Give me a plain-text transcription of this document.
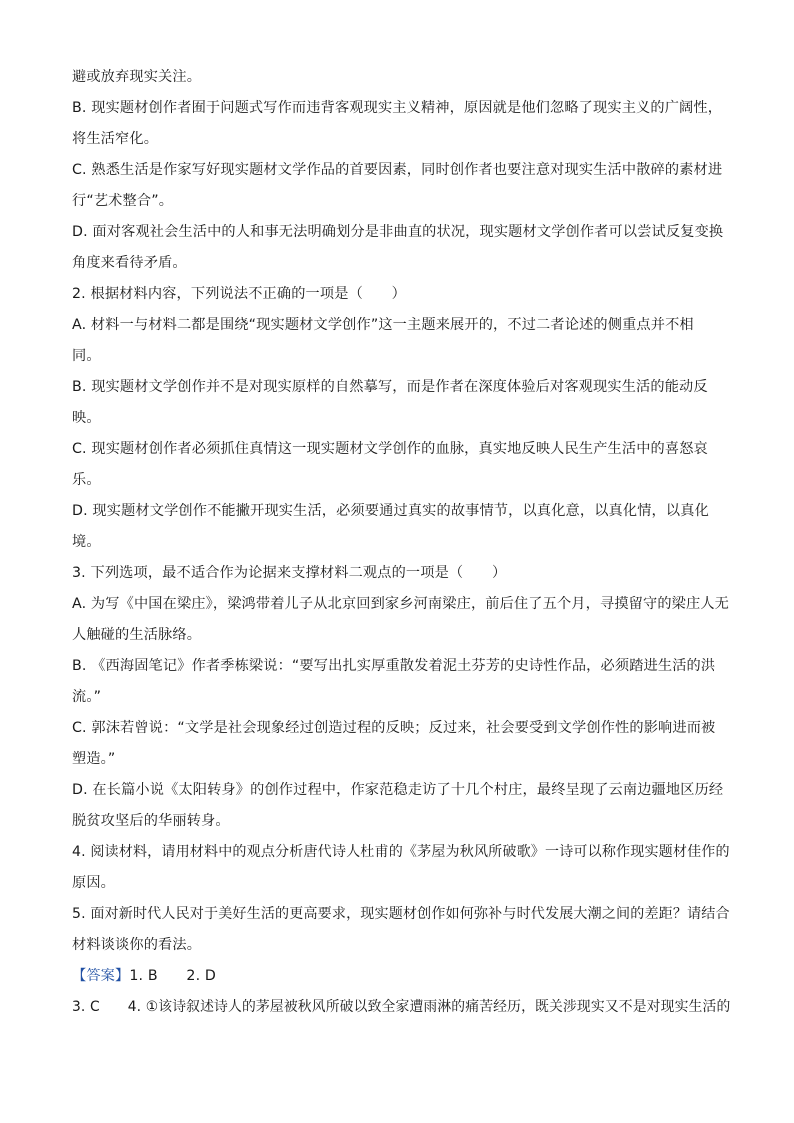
避或放弃现实关注。
B. 现实题材创作者囿于问题式写作而违背客观现实主义精神，原因就是他们忽略了现实主义的广阔性，
将生活窄化。
C. 熟悉生活是作家写好现实题材文学作品的首要因素，同时创作者也要注意对现实生活中散碎的素材进
行“艺术整合”。
D. 面对客观社会生活中的人和事无法明确划分是非曲直的状况，现实题材文学创作者可以尝试反复变换
角度来看待矛盾。
2. 根据材料内容，下列说法不正确的一项是（　　）
A. 材料一与材料二都是围绕“现实题材文学创作”这一主题来展开的，不过二者论述的侧重点并不相
同。
B. 现实题材文学创作并不是对现实原样的自然摹写，而是作者在深度体验后对客观现实生活的能动反
映。
C. 现实题材创作者必须抓住真情这一现实题材文学创作的血脉，真实地反映人民生产生活中的喜怒哀
乐。
D. 现实题材文学创作不能撇开现实生活，必须要通过真实的故事情节，以真化意，以真化情，以真化
境。
3. 下列选项，最不适合作为论据来支撑材料二观点的一项是（　　）
A. 为写《中国在梁庄》，梁鸿带着儿子从北京回到家乡河南梁庄，前后住了五个月，寻摸留守的梁庄人无
人触碰的生活脉络。
B. 《西海固笔记》作者季栋梁说：“要写出扎实厚重散发着泥土芬芳的史诗性作品，必须踏进生活的洪
流。”
C. 郭沫若曾说：“文学是社会现象经过创造过程的反映；反过来，社会要受到文学创作性的影响进而被
塑造。”
D. 在长篇小说《太阳转身》的创作过程中，作家范稳走访了十几个村庄，最终呈现了云南边疆地区历经
脱贫攻坚后的华丽转身。
4. 阅读材料，请用材料中的观点分析唐代诗人杜甫的《茅屋为秋风所破歌》一诗可以称作现实题材佳作的
原因。
5. 面对新时代人民对于美好生活的更高要求，现实题材创作如何弥补与时代发展大潮之间的差距？请结合
材料谈谈你的看法。
【答案】1. B　　2. D
3. C　　4. ①该诗叙述诗人的茅屋被秋风所破以致全家遭雨淋的痛苦经历，既关涉现实又不是对现实生活的
